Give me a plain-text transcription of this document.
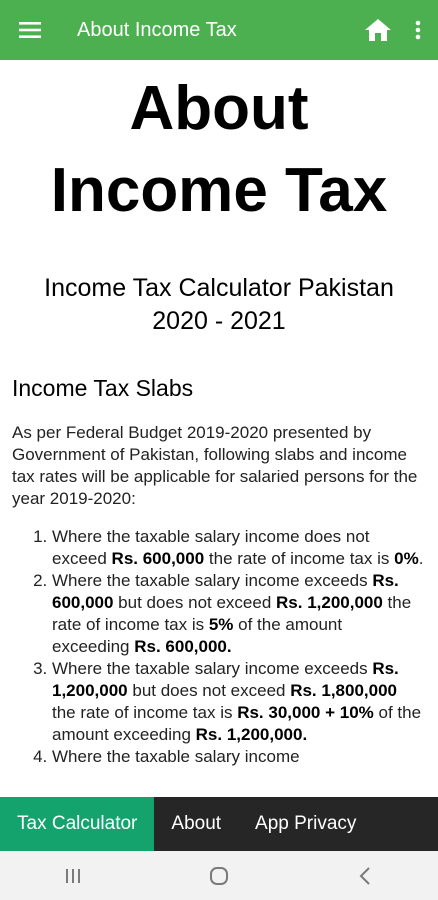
About Income Tax
About
Income Tax
Income Tax Calculator Pakistan
2020 - 2021
Income Tax Slabs

As per Federal Budget 2019-2020 presented by Government of Pakistan, following slabs and income tax rates will be applicable for salaried persons for the year 2019-2020:

1. Where the taxable salary income does not exceed Rs. 600,000 the rate of income tax is 0%.
2. Where the taxable salary income exceeds Rs. 600,000 but does not exceed Rs. 1,200,000 the rate of income tax is 5% of the amount exceeding Rs. 600,000.
3. Where the taxable salary income exceeds Rs. 1,200,000 but does not exceed Rs. 1,800,000 the rate of income tax is Rs. 30,000 + 10% of the amount exceeding Rs. 1,200,000.
4. Where the taxable salary income
Tax Calculator	About	App Privacy
